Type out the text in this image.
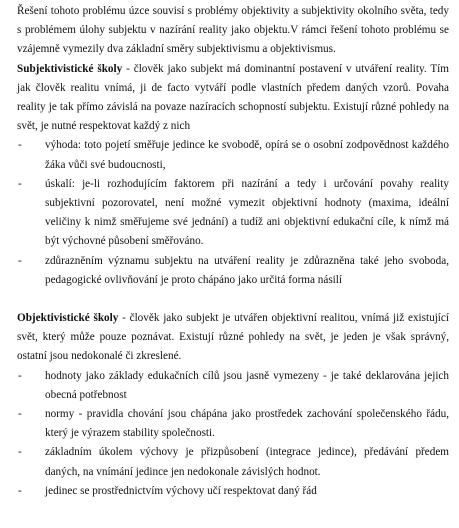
Řešení tohoto problému úzce souvisí s problémy objektivity a subjektivity okolního světa, tedy s problémem úlohy subjektu v nazírání reality jako objektu.V rámci řešení tohoto problému se vzájemně vymezily dva základní směry subjektivismu a objektivismus.

Subjektivistické školy - člověk jako subjekt má dominantní postavení v utváření reality. Tím jak člověk realitu vnímá, ji de facto vytváří podle vlastních předem daných vzorů. Povaha reality je tak přímo závislá na povaze nazíracích schopností subjektu. Existují různé pohledy na svět, je nutné respektovat každý z nich

- výhoda: toto pojetí směřuje jedince ke svobodě, opírá se o osobní zodpovědnost každého žáka vůči své budoucnosti,
- úskalí: je-li rozhodujícím faktorem při nazírání a tedy i určování povahy reality subjektivní pozorovatel, není možné vymezit objektivní hodnoty (maxima, ideální veličiny k nimž směřujeme své jednání) a tudíž ani objektivní edukační cíle, k nímž má být výchovné působení směřováno.
- zdůrazněním významu subjektu na utváření reality je zdůrazněna také jeho svoboda, pedagogické ovlivňování je proto chápáno jako určitá forma násilí

Objektivistické školy - člověk jako subjekt je utvářen objektivní realitou, vnímá již existující svět, který může pouze poznávat. Existují různé pohledy na svět, je jeden je však správný, ostatní jsou nedokonalé či zkreslené.

- hodnoty jako základy edukačních cílů jsou jasně vymezeny - je také deklarována jejich obecná potřebnost
- normy - pravidla chování jsou chápána jako prostředek zachování společenského řádu, který je výrazem stability společnosti.
- základním úkolem výchovy je přizpůsobení (integrace jedince), předávání předem daných, na vnímání jedince jen nedokonale závislých hodnot.
- jedinec se prostřednictvím výchovy učí respektovat daný řád
